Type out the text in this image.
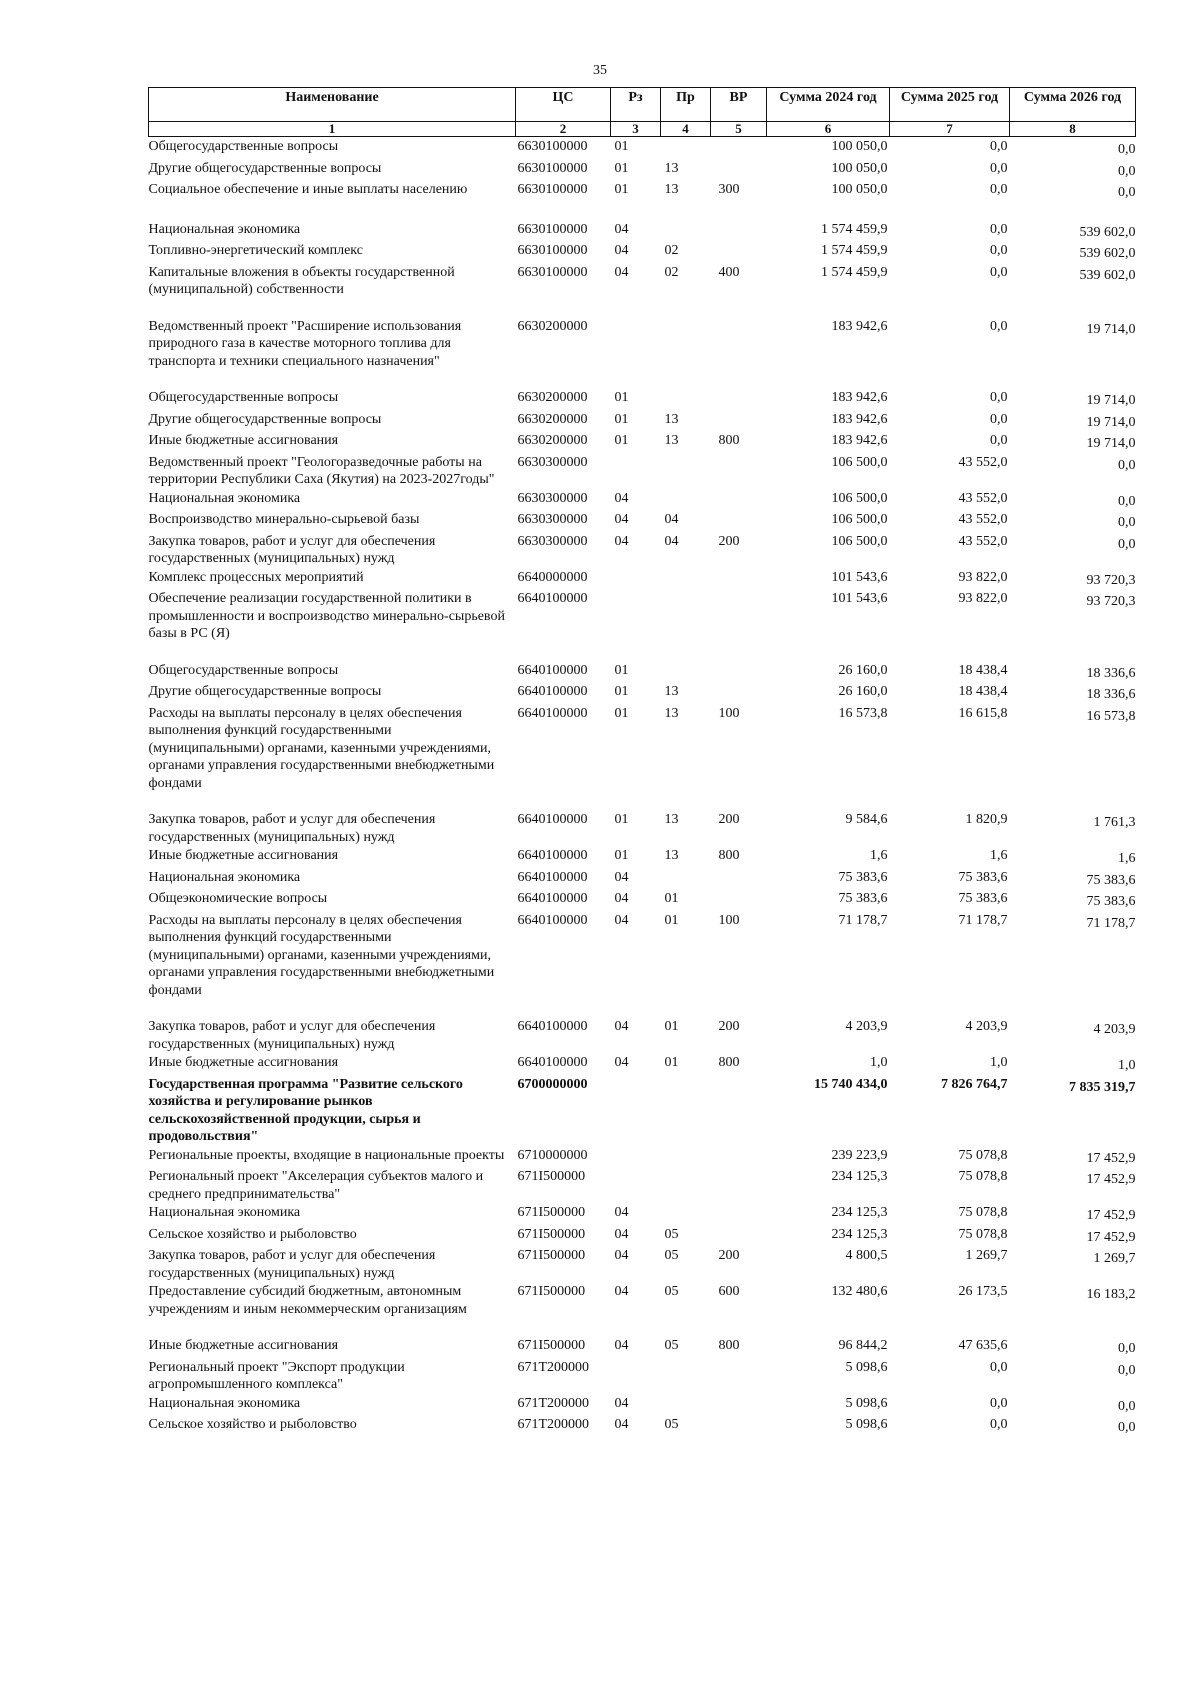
35
Наименование	ЦС	Рз	Пр	ВР	Сумма 2024 год	Сумма 2025 год	Сумма 2026 год
1	2	3	4	5	6	7	8
Общегосударственные вопросы	6630100000	01			100 050,0	0,0	0,0
Другие общегосударственные вопросы	6630100000	01	13		100 050,0	0,0	0,0
Социальное обеспечение и иные выплаты населению	6630100000	01	13	300	100 050,0	0,0	0,0
Национальная экономика	6630100000	04			1 574 459,9	0,0	539 602,0
Топливно-энергетический комплекс	6630100000	04	02		1 574 459,9	0,0	539 602,0
Капитальные вложения в объекты государственной (муниципальной) собственности	6630100000	04	02	400	1 574 459,9	0,0	539 602,0
Ведомственный проект "Расширение использования природного газа в качестве моторного топлива для транспорта и техники специального назначения"	6630200000				183 942,6	0,0	19 714,0
Общегосударственные вопросы	6630200000	01			183 942,6	0,0	19 714,0
Другие общегосударственные вопросы	6630200000	01	13		183 942,6	0,0	19 714,0
Иные бюджетные ассигнования	6630200000	01	13	800	183 942,6	0,0	19 714,0
Ведомственный проект "Геологоразведочные работы на территории Республики Саха (Якутия) на 2023-2027годы"	6630300000				106 500,0	43 552,0	0,0
Национальная экономика	6630300000	04			106 500,0	43 552,0	0,0
Воспроизводство минерально-сырьевой базы	6630300000	04	04		106 500,0	43 552,0	0,0
Закупка товаров, работ и услуг для обеспечения государственных (муниципальных) нужд	6630300000	04	04	200	106 500,0	43 552,0	0,0
Комплекс процессных мероприятий	6640000000				101 543,6	93 822,0	93 720,3
Обеспечение реализации государственной политики в промышленности и воспроизводство минерально-сырьевой базы в РС (Я)	6640100000				101 543,6	93 822,0	93 720,3
Общегосударственные вопросы	6640100000	01			26 160,0	18 438,4	18 336,6
Другие общегосударственные вопросы	6640100000	01	13		26 160,0	18 438,4	18 336,6
Расходы на выплаты персоналу в целях обеспечения выполнения функций государственными (муниципальными) органами, казенными учреждениями, органами управления государственными внебюджетными фондами	6640100000	01	13	100	16 573,8	16 615,8	16 573,8
Закупка товаров, работ и услуг для обеспечения государственных (муниципальных) нужд	6640100000	01	13	200	9 584,6	1 820,9	1 761,3
Иные бюджетные ассигнования	6640100000	01	13	800	1,6	1,6	1,6
Национальная экономика	6640100000	04			75 383,6	75 383,6	75 383,6
Общеэкономические вопросы	6640100000	04	01		75 383,6	75 383,6	75 383,6
Расходы на выплаты персоналу в целях обеспечения выполнения функций государственными (муниципальными) органами, казенными учреждениями, органами управления государственными внебюджетными фондами	6640100000	04	01	100	71 178,7	71 178,7	71 178,7
Закупка товаров, работ и услуг для обеспечения государственных (муниципальных) нужд	6640100000	04	01	200	4 203,9	4 203,9	4 203,9
Иные бюджетные ассигнования	6640100000	04	01	800	1,0	1,0	1,0
Государственная программа "Развитие сельского хозяйства и регулирование рынков сельскохозяйственной продукции, сырья и продовольствия"	6700000000				15 740 434,0	7 826 764,7	7 835 319,7
Региональные проекты, входящие в национальные проекты	6710000000				239 223,9	75 078,8	17 452,9
Региональный проект "Акселерация субъектов малого и среднего предпринимательства"	671I500000				234 125,3	75 078,8	17 452,9
Национальная экономика	671I500000	04			234 125,3	75 078,8	17 452,9
Сельское хозяйство и рыболовство	671I500000	04	05		234 125,3	75 078,8	17 452,9
Закупка товаров, работ и услуг для обеспечения государственных (муниципальных) нужд	671I500000	04	05	200	4 800,5	1 269,7	1 269,7
Предоставление субсидий бюджетным, автономным учреждениям и иным некоммерческим организациям	671I500000	04	05	600	132 480,6	26 173,5	16 183,2
Иные бюджетные ассигнования	671I500000	04	05	800	96 844,2	47 635,6	0,0
Региональный проект "Экспорт продукции агропромышленного комплекса"	671T200000				5 098,6	0,0	0,0
Национальная экономика	671T200000	04			5 098,6	0,0	0,0
Сельское хозяйство и рыболовство	671T200000	04	05		5 098,6	0,0	0,0
